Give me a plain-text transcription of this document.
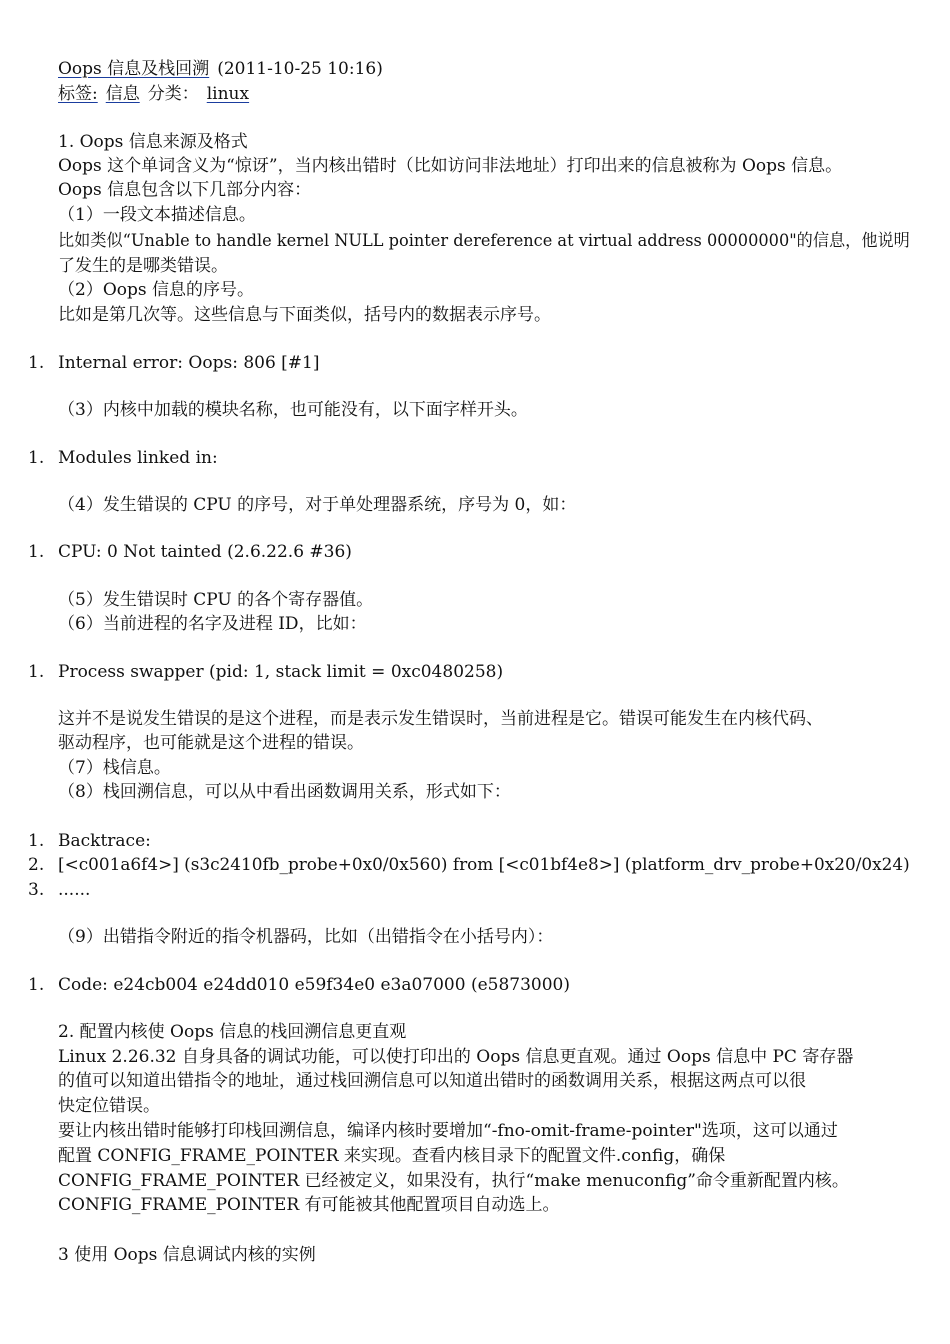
Oops 信息及栈回溯 (2011-10-25 10:16)
标签: 信息 分类： linux
1. Oops 信息来源及格式
Oops 这个单词含义为“惊讶”，当内核出错时（比如访问非法地址）打印出来的信息被称为 Oops 信息。
Oops 信息包含以下几部分内容：
（1）一段文本描述信息。
比如类似“Unable to handle kernel NULL pointer dereference at virtual address 00000000"的信息，他说明
了发生的是哪类错误。
（2）Oops 信息的序号。
比如是第几次等。这些信息与下面类似，括号内的数据表示序号。
1. Internal error: Oops: 806 [#1]
（3）内核中加载的模块名称，也可能没有，以下面字样开头。
1. Modules linked in:
（4）发生错误的 CPU 的序号，对于单处理器系统，序号为 0，如：
1. CPU: 0 Not tainted (2.6.22.6 #36)
（5）发生错误时 CPU 的各个寄存器值。
（6）当前进程的名字及进程 ID，比如：
1. Process swapper (pid: 1, stack limit = 0xc0480258)
这并不是说发生错误的是这个进程，而是表示发生错误时，当前进程是它。错误可能发生在内核代码、
驱动程序，也可能就是这个进程的错误。
（7）栈信息。
（8）栈回溯信息，可以从中看出函数调用关系，形式如下：
1. Backtrace:
2. [<c001a6f4>] (s3c2410fb_probe+0x0/0x560) from [<c01bf4e8>] (platform_drv_probe+0x20/0x24)
3. ......
（9）出错指令附近的指令机器码，比如（出错指令在小括号内）：
1. Code: e24cb004 e24dd010 e59f34e0 e3a07000 (e5873000)
2. 配置内核使 Oops 信息的栈回溯信息更直观
Linux 2.26.32 自身具备的调试功能，可以使打印出的 Oops 信息更直观。通过 Oops 信息中 PC 寄存器
的值可以知道出错指令的地址，通过栈回溯信息可以知道出错时的函数调用关系，根据这两点可以很
快定位错误。
要让内核出错时能够打印栈回溯信息，编译内核时要增加“-fno-omit-frame-pointer"选项，这可以通过
配置 CONFIG_FRAME_POINTER 来实现。查看内核目录下的配置文件.config，确保
CONFIG_FRAME_POINTER 已经被定义，如果没有，执行“make menuconfig”命令重新配置内核。
CONFIG_FRAME_POINTER 有可能被其他配置项目自动选上。
3 使用 Oops 信息调试内核的实例
